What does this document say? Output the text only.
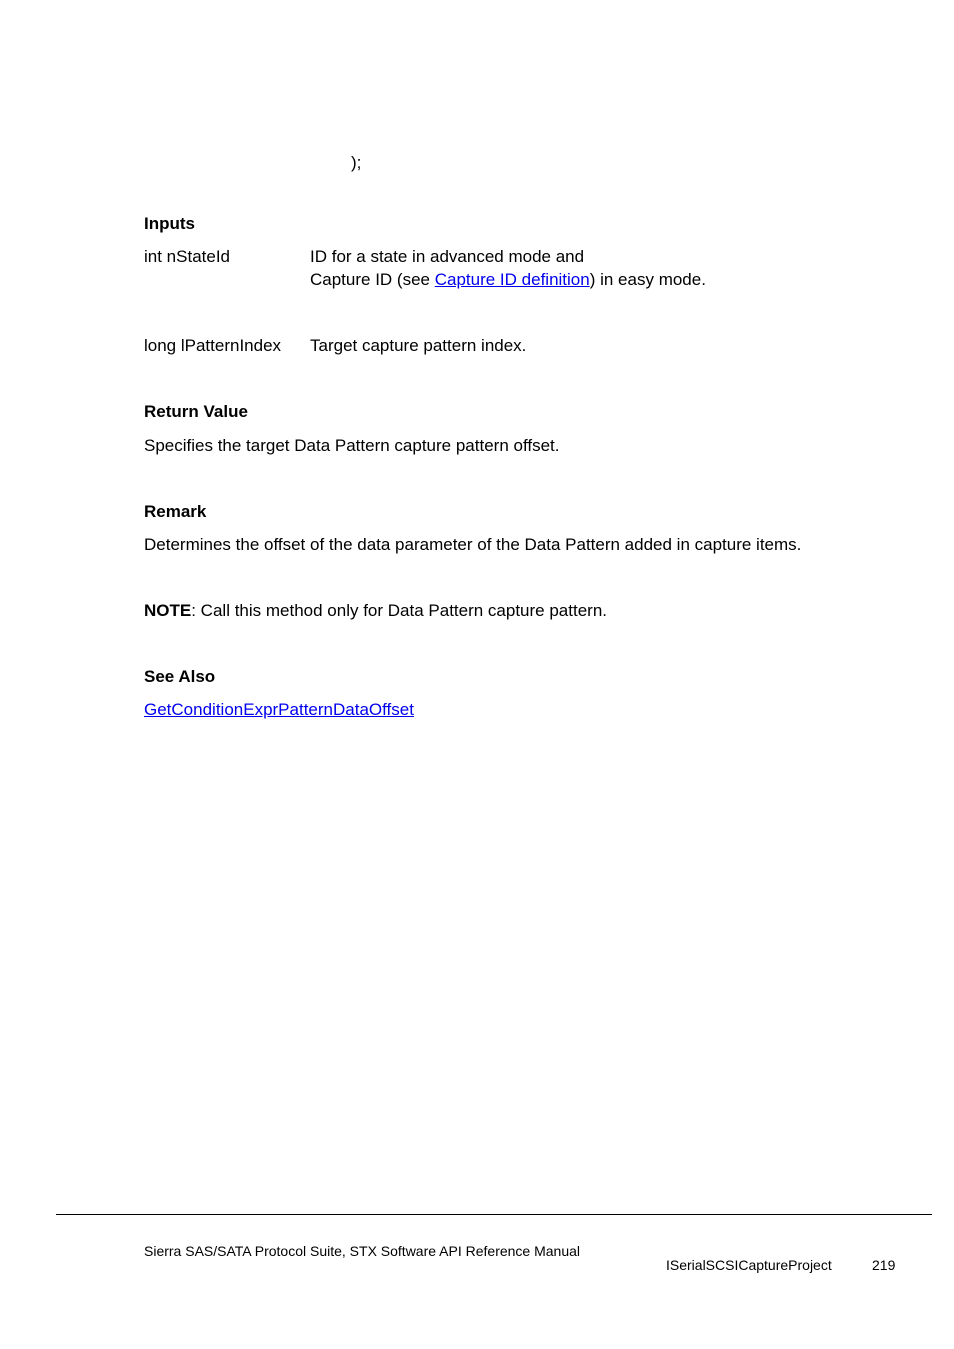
);
Inputs
int nStateId	ID for a state in advanced mode and
Capture ID (see Capture ID definition) in easy mode.
long lPatternIndex Target capture pattern index.
Return Value
Specifies the target Data Pattern capture pattern offset.
Remark
Determines the offset of the data parameter of the Data Pattern added in capture items.
NOTE: Call this method only for Data Pattern capture pattern.
See Also
GetConditionExprPatternDataOffset
Sierra SAS/SATA Protocol Suite, STX Software API Reference Manual
ISerialSCSICaptureProject	219
